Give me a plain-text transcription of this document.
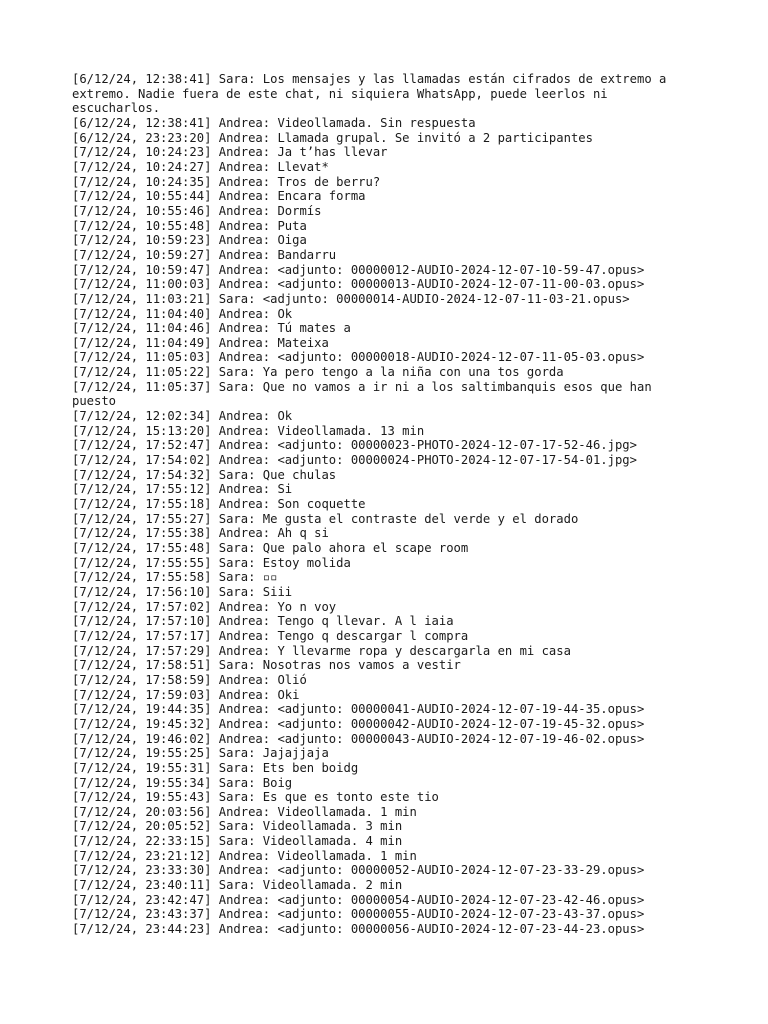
[6/12/24, 12:38:41] Sara: Los mensajes y las llamadas están cifrados de extremo a extremo. Nadie fuera de este chat, ni siquiera WhatsApp, puede leerlos ni escucharlos.
[6/12/24, 12:38:41] Andrea: Videollamada. Sin respuesta
[6/12/24, 23:23:20] Andrea: Llamada grupal. Se invitó a 2 participantes
[7/12/24, 10:24:23] Andrea: Ja t’has llevar
[7/12/24, 10:24:27] Andrea: Llevat*
[7/12/24, 10:24:35] Andrea: Tros de berru?
[7/12/24, 10:55:44] Andrea: Encara forma
[7/12/24, 10:55:46] Andrea: Dormís
[7/12/24, 10:55:48] Andrea: Puta
[7/12/24, 10:59:23] Andrea: Oiga
[7/12/24, 10:59:27] Andrea: Bandarru
[7/12/24, 10:59:47] Andrea: <adjunto: 00000012-AUDIO-2024-12-07-10-59-47.opus>
[7/12/24, 11:00:03] Andrea: <adjunto: 00000013-AUDIO-2024-12-07-11-00-03.opus>
[7/12/24, 11:03:21] Sara: <adjunto: 00000014-AUDIO-2024-12-07-11-03-21.opus>
[7/12/24, 11:04:40] Andrea: Ok
[7/12/24, 11:04:46] Andrea: Tú mates a
[7/12/24, 11:04:49] Andrea: Mateixa
[7/12/24, 11:05:03] Andrea: <adjunto: 00000018-AUDIO-2024-12-07-11-05-03.opus>
[7/12/24, 11:05:22] Sara: Ya pero tengo a la niña con una tos gorda
[7/12/24, 11:05:37] Sara: Que no vamos a ir ni a los saltimbanquis esos que han puesto
[7/12/24, 12:02:34] Andrea: Ok
[7/12/24, 15:13:20] Andrea: Videollamada. 13 min
[7/12/24, 17:52:47] Andrea: <adjunto: 00000023-PHOTO-2024-12-07-17-52-46.jpg>
[7/12/24, 17:54:02] Andrea: <adjunto: 00000024-PHOTO-2024-12-07-17-54-01.jpg>
[7/12/24, 17:54:32] Sara: Que chulas
[7/12/24, 17:55:12] Andrea: Si
[7/12/24, 17:55:18] Andrea: Son coquette
[7/12/24, 17:55:27] Sara: Me gusta el contraste del verde y el dorado
[7/12/24, 17:55:38] Andrea: Ah q si
[7/12/24, 17:55:48] Sara: Que palo ahora el scape room
[7/12/24, 17:55:55] Sara: Estoy molida
[7/12/24, 17:55:58] Sara: ▫▫
[7/12/24, 17:56:10] Sara: Siii
[7/12/24, 17:57:02] Andrea: Yo n voy
[7/12/24, 17:57:10] Andrea: Tengo q llevar. A l iaia
[7/12/24, 17:57:17] Andrea: Tengo q descargar l compra
[7/12/24, 17:57:29] Andrea: Y llevarme ropa y descargarla en mi casa
[7/12/24, 17:58:51] Sara: Nosotras nos vamos a vestir
[7/12/24, 17:58:59] Andrea: Olió
[7/12/24, 17:59:03] Andrea: Oki
[7/12/24, 19:44:35] Andrea: <adjunto: 00000041-AUDIO-2024-12-07-19-44-35.opus>
[7/12/24, 19:45:32] Andrea: <adjunto: 00000042-AUDIO-2024-12-07-19-45-32.opus>
[7/12/24, 19:46:02] Andrea: <adjunto: 00000043-AUDIO-2024-12-07-19-46-02.opus>
[7/12/24, 19:55:25] Sara: Jajajjaja
[7/12/24, 19:55:31] Sara: Ets ben boidg
[7/12/24, 19:55:34] Sara: Boig
[7/12/24, 19:55:43] Sara: Es que es tonto este tio
[7/12/24, 20:03:56] Andrea: Videollamada. 1 min
[7/12/24, 20:05:52] Sara: Videollamada. 3 min
[7/12/24, 22:33:15] Sara: Videollamada. 4 min
[7/12/24, 23:21:12] Andrea: Videollamada. 1 min
[7/12/24, 23:33:30] Andrea: <adjunto: 00000052-AUDIO-2024-12-07-23-33-29.opus>
[7/12/24, 23:40:11] Sara: Videollamada. 2 min
[7/12/24, 23:42:47] Andrea: <adjunto: 00000054-AUDIO-2024-12-07-23-42-46.opus>
[7/12/24, 23:43:37] Andrea: <adjunto: 00000055-AUDIO-2024-12-07-23-43-37.opus>
[7/12/24, 23:44:23] Andrea: <adjunto: 00000056-AUDIO-2024-12-07-23-44-23.opus>
